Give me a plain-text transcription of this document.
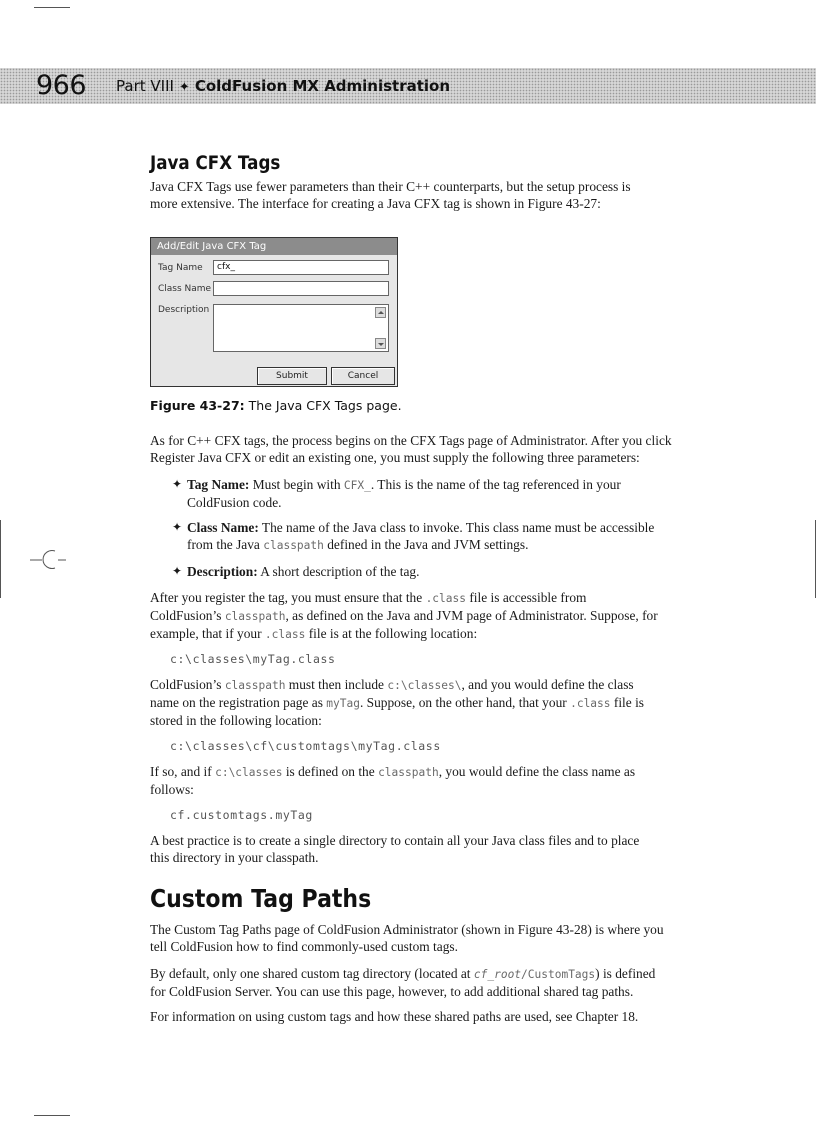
966 Part VIII ✦ ColdFusion MX Administration
Java CFX Tags
Java CFX Tags use fewer parameters than their C++ counterparts, but the setup process is
more extensive. The interface for creating a Java CFX tag is shown in Figure 43-27:
Add/Edit Java CFX Tag
Tag Name	cfx_
Class Name
Description
Submit	Cancel
Figure 43-27: The Java CFX Tags page.
As for C++ CFX tags, the process begins on the CFX Tags page of Administrator. After you click
Register Java CFX or edit an existing one, you must supply the following three parameters:
✦ Tag Name: Must begin with CFX_. This is the name of the tag referenced in your
ColdFusion code.
✦ Class Name: The name of the Java class to invoke. This class name must be accessible
from the Java classpath defined in the Java and JVM settings.
✦ Description: A short description of the tag.
After you register the tag, you must ensure that the .class file is accessible from
ColdFusion’s classpath, as defined on the Java and JVM page of Administrator. Suppose, for
example, that if your .class file is at the following location:
c:\classes\myTag.class
ColdFusion’s classpath must then include c:\classes\, and you would define the class
name on the registration page as myTag. Suppose, on the other hand, that your .class file is
stored in the following location:
c:\classes\cf\customtags\myTag.class
If so, and if c:\classes is defined on the classpath, you would define the class name as
follows:
cf.customtags.myTag
A best practice is to create a single directory to contain all your Java class files and to place
this directory in your classpath.
Custom Tag Paths
The Custom Tag Paths page of ColdFusion Administrator (shown in Figure 43-28) is where you
tell ColdFusion how to find commonly-used custom tags.
By default, only one shared custom tag directory (located at cf_root/CustomTags) is defined
for ColdFusion Server. You can use this page, however, to add additional shared tag paths.
For information on using custom tags and how these shared paths are used, see Chapter 18.
